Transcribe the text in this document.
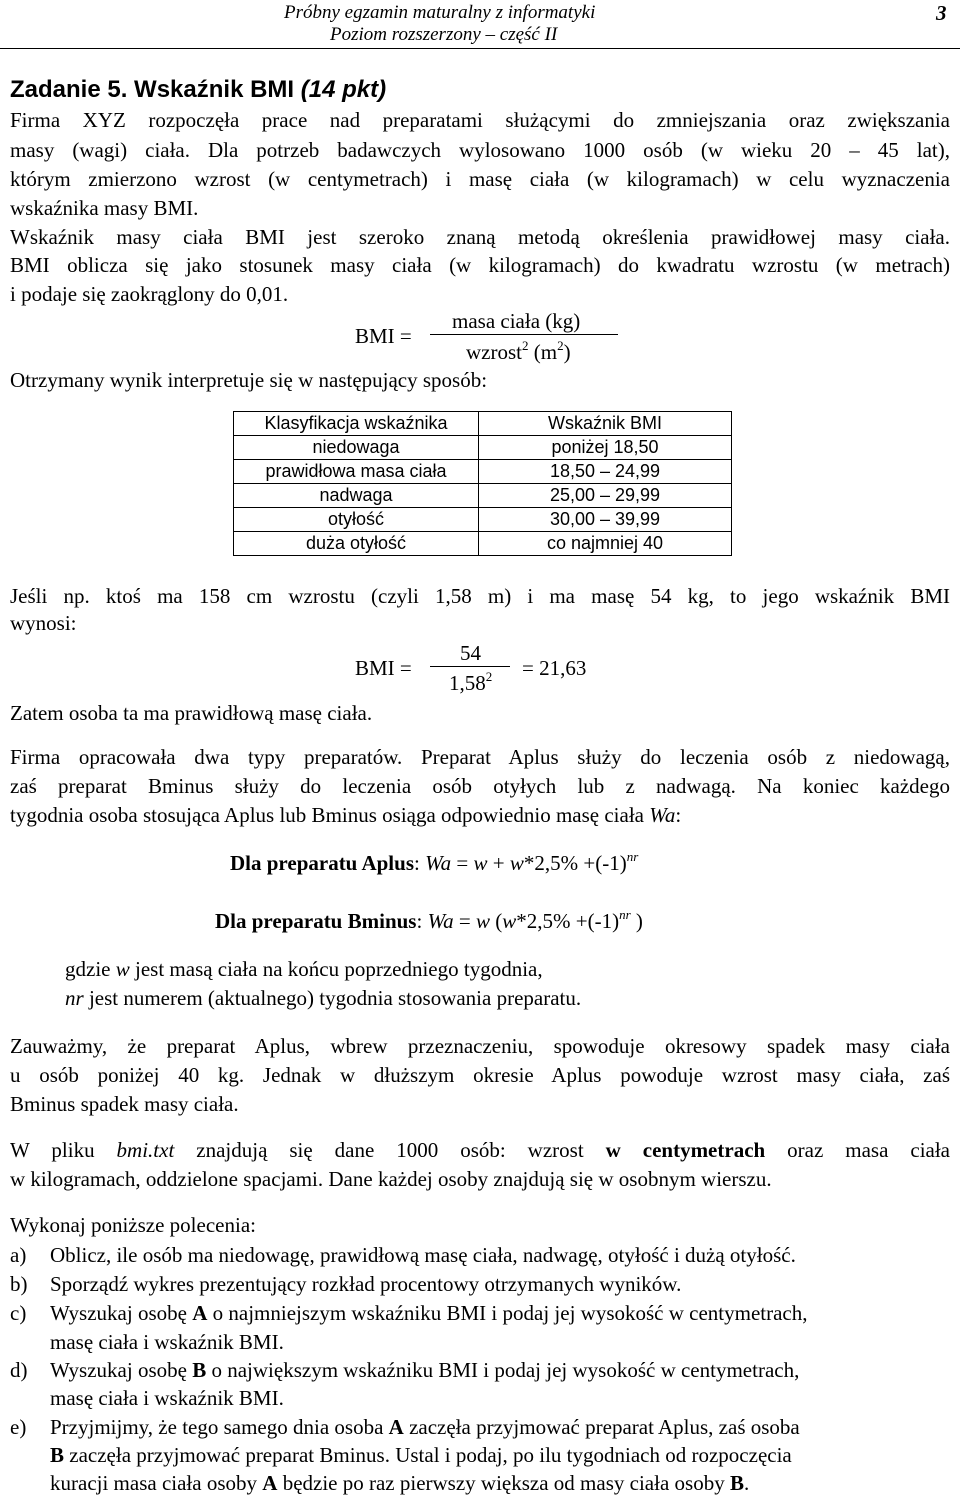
Próbny egzamin maturalny z informatyki
Poziom rozszerzony – część II
3
Zadanie 5. Wskaźnik BMI (14 pkt)
Firma XYZ rozpoczęła prace nad preparatami służącymi do zmniejszania oraz zwiększania
masy (wagi) ciała. Dla potrzeb badawczych wylosowano 1000 osób (w wieku 20 – 45 lat),
którym zmierzono wzrost (w centymetrach) i masę ciała (w kilogramach) w celu wyznaczenia
wskaźnika masy BMI.
Wskaźnik masy ciała BMI jest szeroko znaną metodą określenia prawidłowej masy ciała.
BMI oblicza się jako stosunek masy ciała (w kilogramach) do kwadratu wzrostu (w metrach)
i podaje się zaokrąglony do 0,01.
BMI =
masa ciała (kg)
wzrost$^2$ $(m^2)$
Otrzymany wynik interpretuje się w następujący sposób:
Klasyfikacja wskaźnika	Wskaźnik BMI
niedowaga	poniżej 18,50
prawidłowa masa ciała	18,50 – 24,99
nadwaga	25,00 – 29,99
otyłość	30,00 – 39,99
duża otyłość	co najmniej 40
Jeśli np. ktoś ma 158 cm wzrostu (czyli 1,58 m) i ma masę 54 kg, to jego wskaźnik BMI
wynosi:
BMI =
54
$1,58^2 = 21,63$
Zatem osoba ta ma prawidłową masę ciała.
Firma opracowała dwa typy preparatów. Preparat Aplus służy do leczenia osób z niedowagą,
zaś preparat Bminus służy do leczenia osób otyłych lub z nadwagą. Na koniec każdego
tygodnia osoba stosująca Aplus lub Bminus osiąga odpowiednio masę ciała Wa:
Dla preparatu Aplus: $Wa = w + w*2,5\% +(-1)^{nr}$
Dla preparatu Bminus: Wa = w ($w*2,5\% +(-1)^{nr}$ )
gdzie w jest masą ciała na końcu poprzedniego tygodnia,
nr jest numerem (aktualnego) tygodnia stosowania preparatu.
Zauważmy, że preparat Aplus, wbrew przeznaczeniu, spowoduje okresowy spadek masy ciała
u osób poniżej 40 kg. Jednak w dłuższym okresie Aplus powoduje wzrost masy ciała, zaś
Bminus spadek masy ciała.
W pliku bmi.txt znajdują się dane 1000 osób: wzrost w centymetrach oraz masa ciała
w kilogramach, oddzielone spacjami. Dane każdej osoby znajdują się w osobnym wierszu.
Wykonaj poniższe polecenia:
a) Oblicz, ile osób ma niedowagę, prawidłową masę ciała, nadwagę, otyłość i dużą otyłość.
b) Sporządź wykres prezentujący rozkład procentowy otrzymanych wyników.
c) Wyszukaj osobę A o najmniejszym wskaźniku BMI i podaj jej wysokość w centymetrach,
masę ciała i wskaźnik BMI.
d) Wyszukaj osobę B o największym wskaźniku BMI i podaj jej wysokość w centymetrach,
masę ciała i wskaźnik BMI.
e) Przyjmijmy, że tego samego dnia osoba A zaczęła przyjmować preparat Aplus, zaś osoba
B zaczęła przyjmować preparat Bminus. Ustal i podaj, po ilu tygodniach od rozpoczęcia
kuracji masa ciała osoby A będzie po raz pierwszy większa od masy ciała osoby B.
